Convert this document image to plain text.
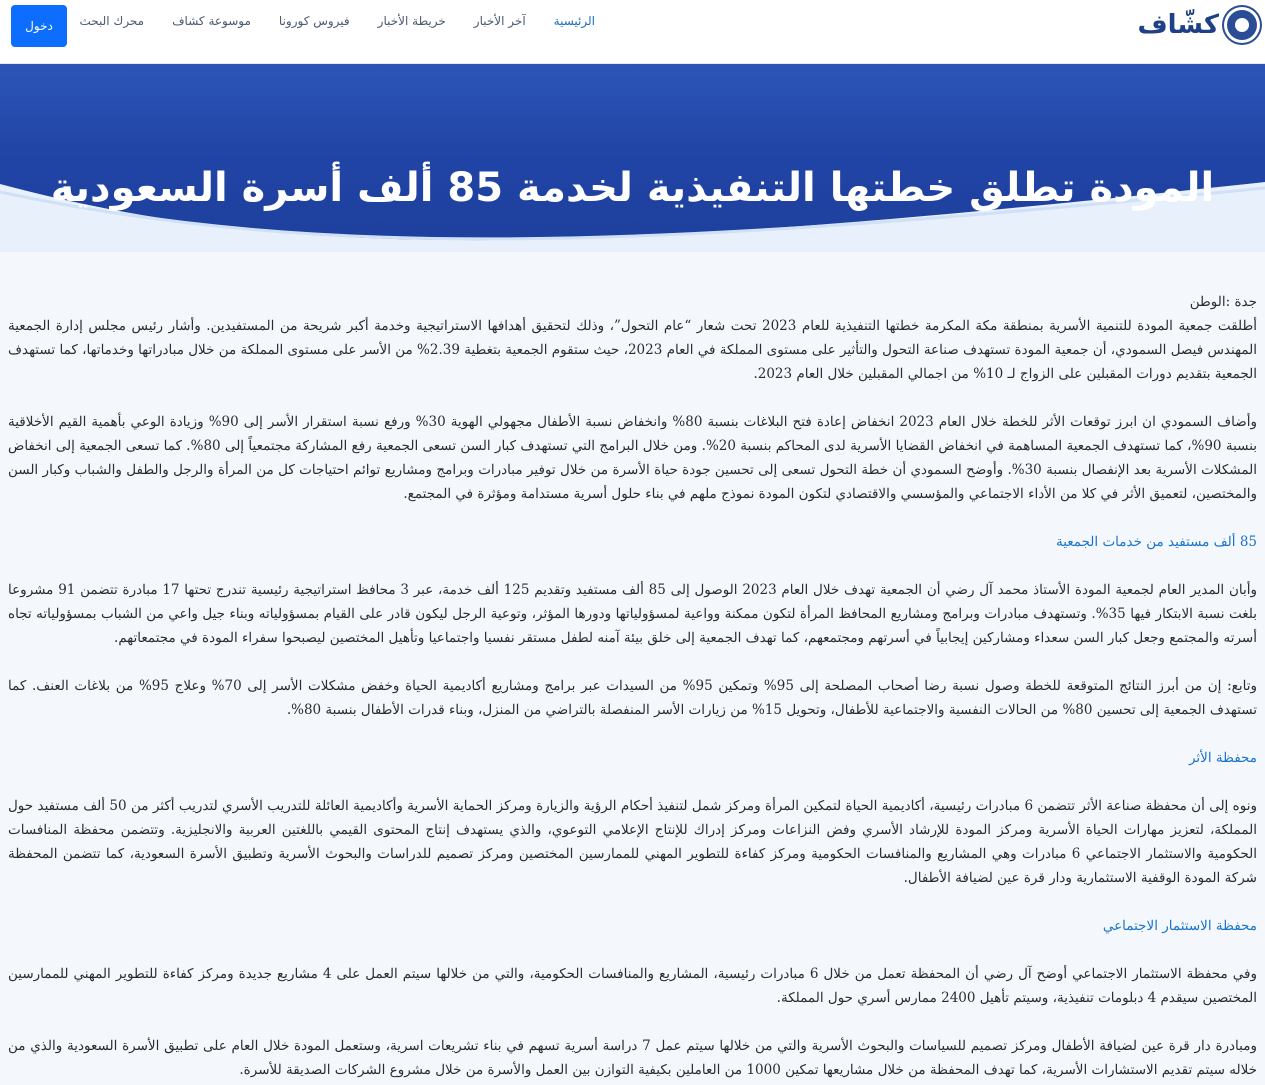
كشّاف
الرئيسية
آخر الأخبار
خريطة الأخبار
فيروس كورونا
موسوعة كشاف
محرك البحث
دخول
المودة تطلق خطتها التنفيذية لخدمة 85 ألف أسرة السعودية

جدة :الوطن

أطلقت جمعية المودة للتنمية الأسرية بمنطقة مكة المكرمة خطتها التنفيذية للعام 2023 تحت شعار “عام التحول”، وذلك لتحقيق أهدافها الاستراتيجية وخدمة أكبر شريحة من المستفيدين. وأشار رئيس مجلس إدارة الجمعية المهندس فيصل السمودي، أن جمعية المودة تستهدف صناعة التحول والتأثير على مستوى المملكة في العام 2023، حيث ستقوم الجمعية بتغطية 2.39% من الأسر على مستوى المملكة من خلال مبادراتها وخدماتها، كما تستهدف الجمعية بتقديم دورات المقبلين على الزواج لـ 10% من اجمالي المقبلين خلال العام 2023.

وأضاف السمودي ان ابرز توقعات الأثر للخطة خلال العام 2023 انخفاض إعادة فتح البلاغات بنسبة 80% وانخفاض نسبة الأطفال مجهولي الهوية 30% ورفع نسبة استقرار الأسر إلى 90% وزيادة الوعي بأهمية القيم الأخلاقية بنسبة 90%، كما تستهدف الجمعية المساهمة في انخفاض القضايا الأسرية لدى المحاكم بنسبة 20%. ومن خلال البرامج التي تستهدف كبار السن تسعى الجمعية رفع المشاركة مجتمعياً إلى 80%. كما تسعى الجمعية إلى انخفاض المشكلات الأسرية بعد الإنفصال بنسبة 30%. وأوضح السمودي أن خطة التحول تسعى إلى تحسين جودة حياة الأسرة من خلال توفير مبادرات وبرامج ومشاريع توائم احتياجات كل من المرأة والرجل والطفل والشباب وكبار السن والمختصين، لتعميق الأثر في كلا من الأداء الاجتماعي والمؤسسي والاقتصادي لتكون المودة نموذج ملهم في بناء حلول أسرية مستدامة ومؤثرة في المجتمع.

85 ألف مستفيد من خدمات الجمعية

وأبان المدير العام لجمعية المودة الأستاذ محمد آل رضي أن الجمعية تهدف خلال العام 2023 الوصول إلى 85 ألف مستفيد وتقديم 125 ألف خدمة، عبر 3 محافظ استراتيجية رئيسية تندرج تحتها 17 مبادرة تتضمن 91 مشروعا بلغت نسبة الابتكار فيها 35%. وتستهدف مبادرات وبرامج ومشاريع المحافظ المرأة لتكون ممكنة وواعية لمسؤولياتها ودورها المؤثر، وتوعية الرجل ليكون قادر على القيام بمسؤولياته وبناء جيل واعي من الشباب بمسؤولياته تجاه أسرته والمجتمع وجعل كبار السن سعداء ومشاركين إيجابياً في أسرتهم ومجتمعهم، كما تهدف الجمعية إلى خلق بيئة آمنه لطفل مستقر نفسيا واجتماعيا وتأهيل المختصين ليصبحوا سفراء المودة في مجتمعاتهم.

وتابع: إن من أبرز النتائج المتوقعة للخطة وصول نسبة رضا أصحاب المصلحة إلى 95% وتمكين 95% من السيدات عبر برامج ومشاريع أكاديمية الحياة وخفض مشكلات الأسر إلى 70% وعلاج 95% من بلاغات العنف. كما تستهدف الجمعية إلى تحسين 80% من الحالات النفسية والاجتماعية للأطفال، وتحويل 15% من زيارات الأسر المنفصلة بالتراضي من المنزل، وبناء قدرات الأطفال بنسبة 80%.

محفظة الأثر

ونوه إلى أن محفظة صناعة الأثر تتضمن 6 مبادرات رئيسية، أكاديمية الحياة لتمكين المرأة ومركز شمل لتنفيذ أحكام الرؤية والزيارة ومركز الحماية الأسرية وأكاديمية العائلة للتدريب الأسري لتدريب أكثر من 50 ألف مستفيد حول المملكة، لتعزيز مهارات الحياة الأسرية ومركز المودة للإرشاد الأسري وفض النزاعات ومركز إدراك للإنتاج الإعلامي التوعوي، والذي يستهدف إنتاج المحتوى القيمي باللغتين العربية والانجليزية. وتتضمن محفظة المنافسات الحكومية والاستثمار الاجتماعي 6 مبادرات وهي المشاريع والمنافسات الحكومية ومركز كفاءة للتطوير المهني للممارسين المختصين ومركز تصميم للدراسات والبحوث الأسرية وتطبيق الأسرة السعودية، كما تتضمن المحفظة شركة المودة الوقفية الاستثمارية ودار قرة عين لضيافة الأطفال.

محفظة الاستثمار الاجتماعي

وفي محفظة الاستثمار الاجتماعي أوضح آل رضي أن المحفظة تعمل من خلال 6 مبادرات رئيسية، المشاريع والمنافسات الحكومية، والتي من خلالها سيتم العمل على 4 مشاريع جديدة ومركز كفاءة للتطوير المهني للممارسين المختصين سيقدم 4 دبلومات تنفيذية، وسيتم تأهيل 2400 ممارس أسري حول المملكة.

ومبادرة دار قرة عين لضيافة الأطفال ومركز تصميم للسياسات والبحوث الأسرية والتي من خلالها سيتم عمل 7 دراسة أسرية تسهم في بناء تشريعات اسرية، وستعمل المودة خلال العام على تطبيق الأسرة السعودية والذي من خلاله سيتم تقديم الاستشارات الأسرية، كما تهدف المحفظة من خلال مشاريعها تمكين 1000 من العاملين بكيفية التوازن بين العمل والأسرة من خلال مشروع الشركات الصديقة للأسرة.
